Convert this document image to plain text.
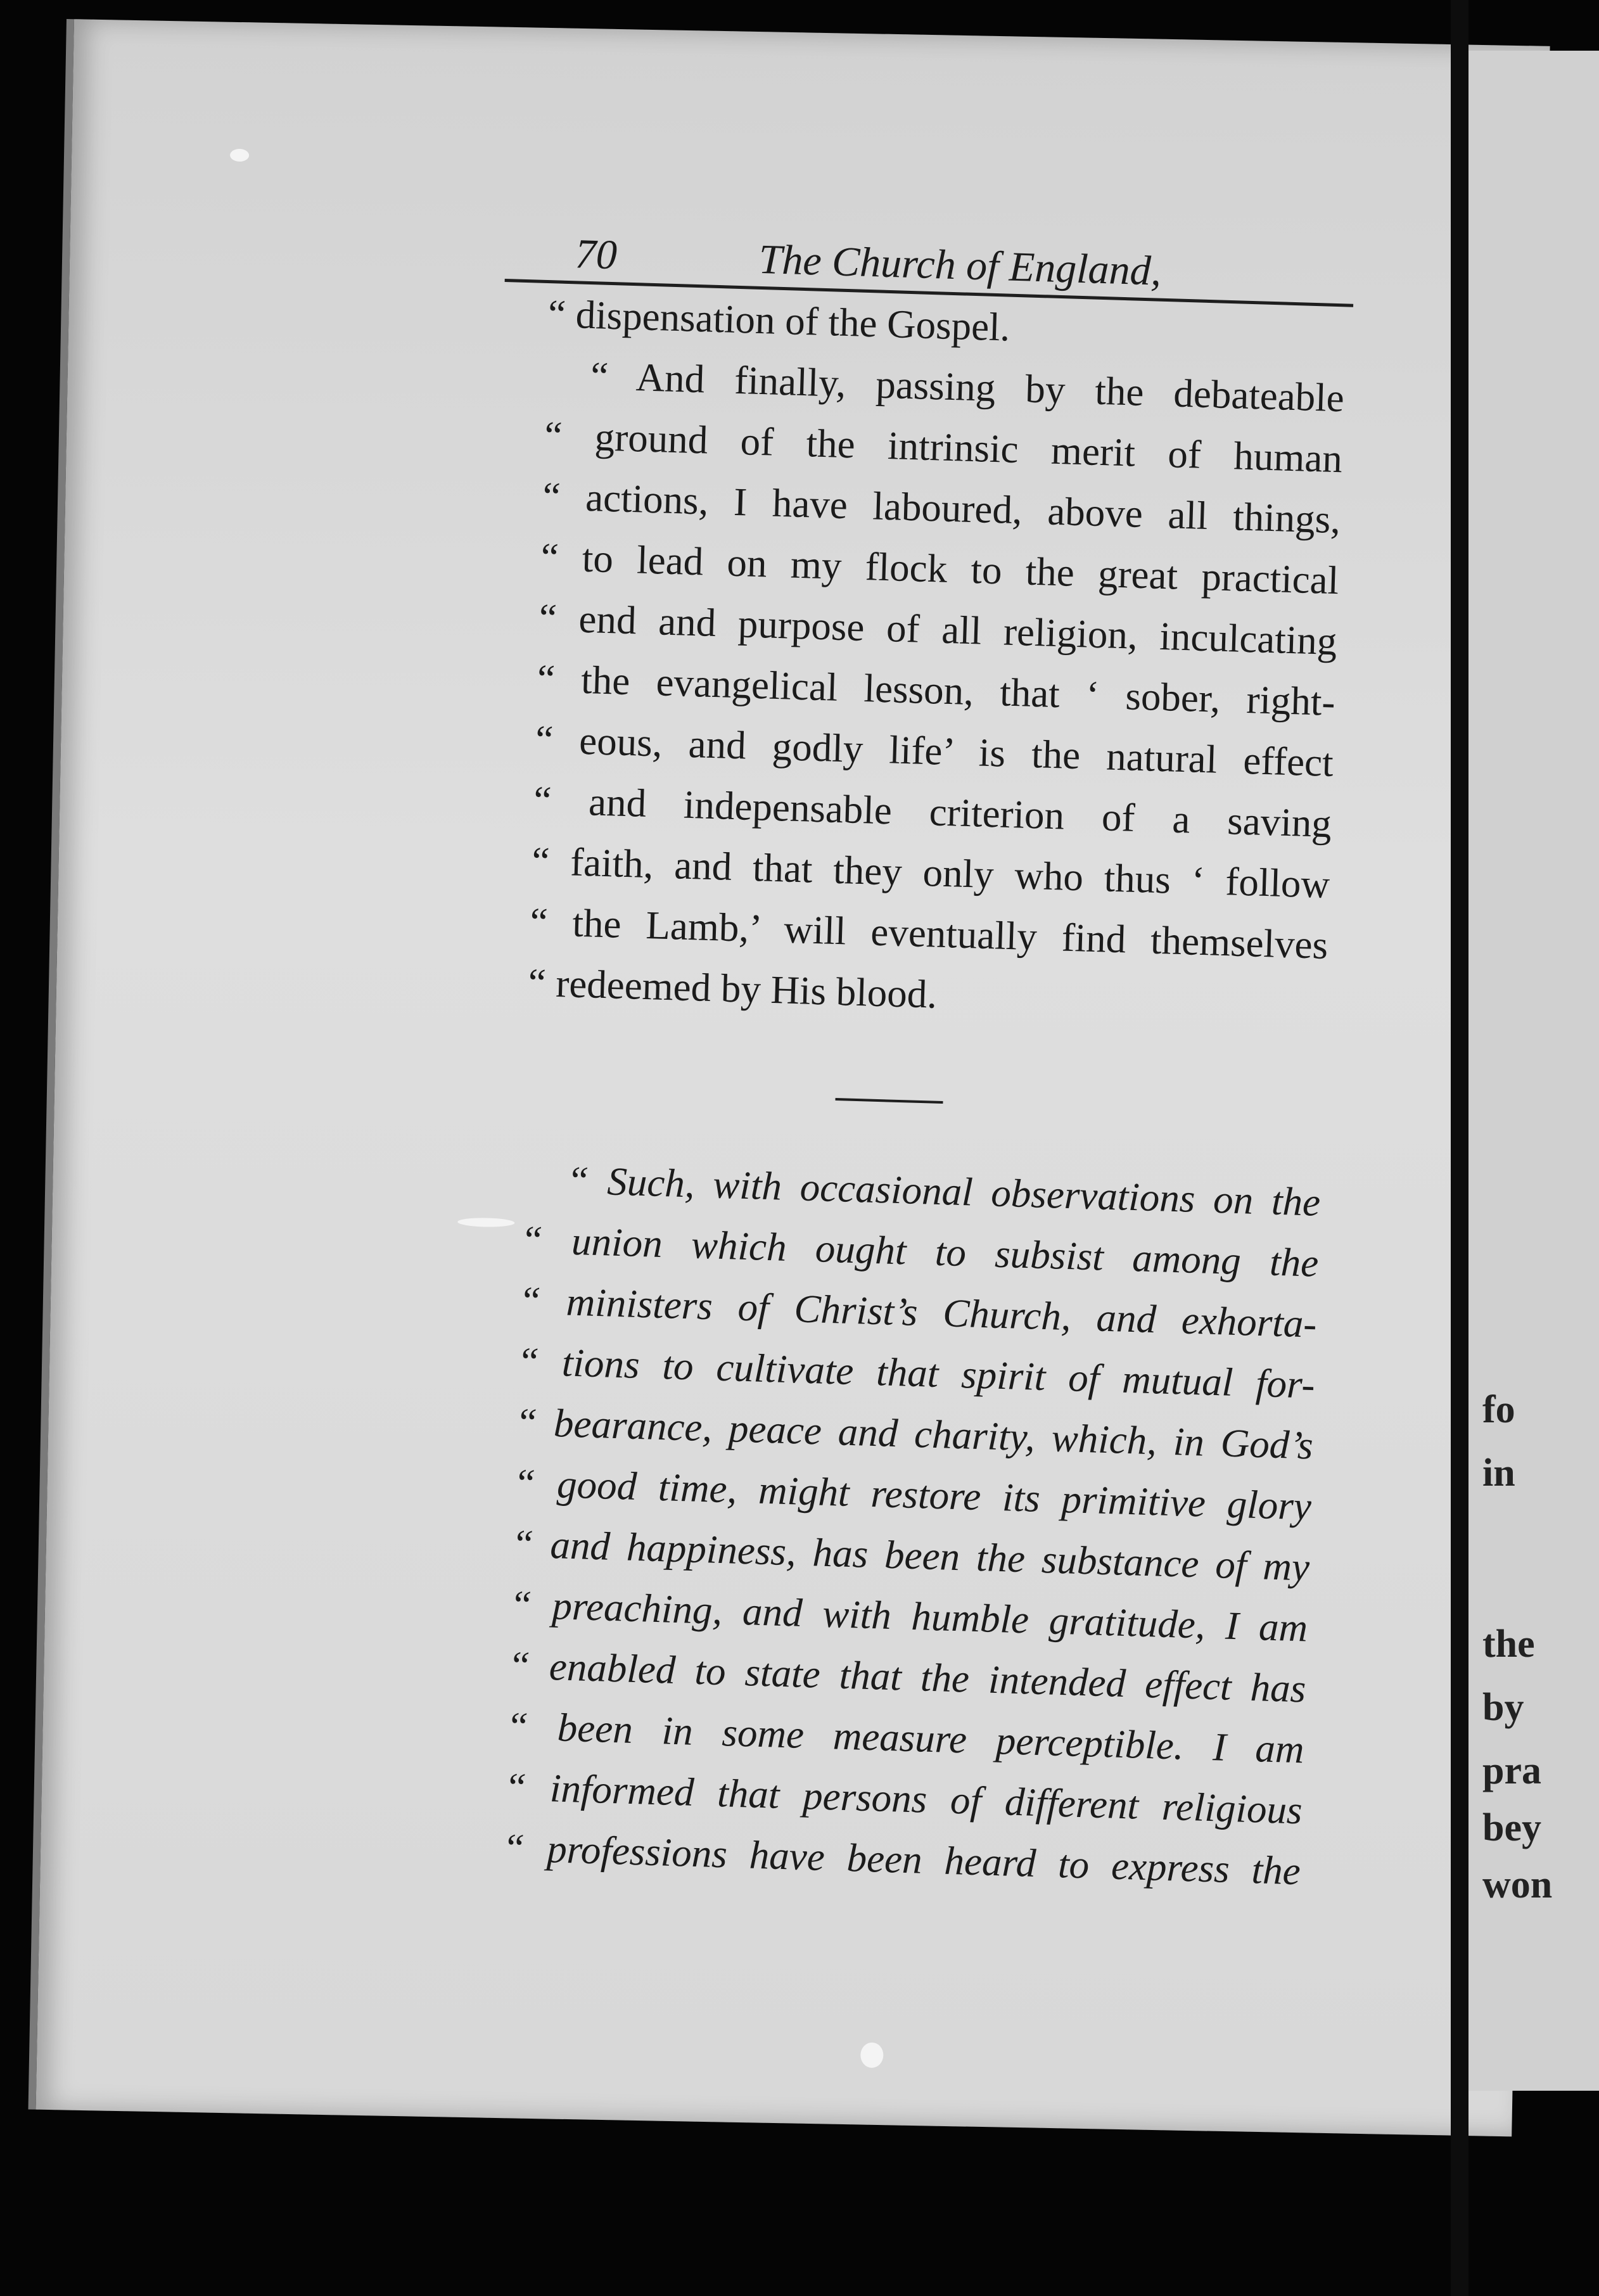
fo
in
the
by
pra
bey
won
70	The Church of England,
“ dispensation of the Gospel.
“ And finally, passing by the debateable
“ ground of the intrinsic merit of human
“ actions, I have laboured, above all things,
“ to lead on my flock to the great practical
“ end and purpose of all religion, inculcating
“ the evangelical lesson, that ‘ sober, right-
“ eous, and godly life’ is the natural effect
“ and indepensable criterion of a saving
“ faith, and that they only who thus ‘ follow
“ the Lamb,’ will eventually find themselves
“ redeemed by His blood.
“ Such, with occasional observations on the
“ union which ought to subsist among the
“ ministers of Christ’s Church, and exhorta-
“ tions to cultivate that spirit of mutual for-
“ bearance, peace and charity, which, in God’s
“ good time, might restore its primitive glory
“ and happiness, has been the substance of my
“ preaching, and with humble gratitude, I am
“ enabled to state that the intended effect has
“ been in some measure perceptible. I am
“ informed that persons of different religious
“ professions have been heard to express the
